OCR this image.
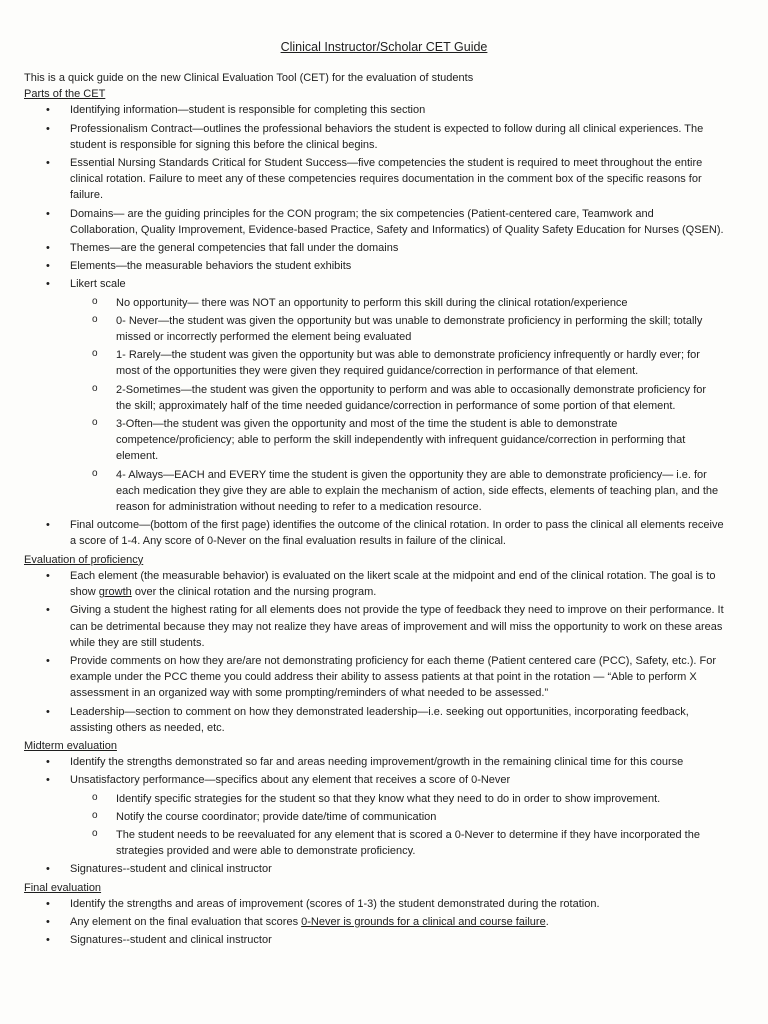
Clinical Instructor/Scholar CET Guide

This is a quick guide on the new Clinical Evaluation Tool (CET) for the evaluation of students

Parts of the CET

• Identifying information—student is responsible for completing this section
• Professionalism Contract—outlines the professional behaviors the student is expected to follow during all clinical experiences. The student is responsible for signing this before the clinical begins.
• Essential Nursing Standards Critical for Student Success—five competencies the student is required to meet throughout the entire clinical rotation. Failure to meet any of these competencies requires documentation in the comment box of the specific reasons for failure.
• Domains— are the guiding principles for the CON program; the six competencies (Patient-centered care, Teamwork and Collaboration, Quality Improvement, Evidence-based Practice, Safety and Informatics) of Quality Safety Education for Nurses (QSEN).
• Themes—are the general competencies that fall under the domains
• Elements—the measurable behaviors the student exhibits
• Likert scale
o No opportunity— there was NOT an opportunity to perform this skill during the clinical rotation/experience
o 0- Never—the student was given the opportunity but was unable to demonstrate proficiency in performing the skill; totally missed or incorrectly performed the element being evaluated
o 1- Rarely—the student was given the opportunity but was able to demonstrate proficiency infrequently or hardly ever; for most of the opportunities they were given they required guidance/correction in performance of that element.
o 2-Sometimes—the student was given the opportunity to perform and was able to occasionally demonstrate proficiency for the skill; approximately half of the time needed guidance/correction in performance of some portion of that element.
o 3-Often—the student was given the opportunity and most of the time the student is able to demonstrate competence/proficiency; able to perform the skill independently with infrequent guidance/correction in performing that element.
o 4- Always—EACH and EVERY time the student is given the opportunity they are able to demonstrate proficiency— i.e. for each medication they give they are able to explain the mechanism of action, side effects, elements of teaching plan, and the reason for administration without needing to refer to a medication resource.
• Final outcome—(bottom of the first page) identifies the outcome of the clinical rotation. In order to pass the clinical all elements receive a score of 1-4. Any score of 0-Never on the final evaluation results in failure of the clinical.

Evaluation of proficiency

• Each element (the measurable behavior) is evaluated on the likert scale at the midpoint and end of the clinical rotation. The goal is to show growth over the clinical rotation and the nursing program.
• Giving a student the highest rating for all elements does not provide the type of feedback they need to improve on their performance. It can be detrimental because they may not realize they have areas of improvement and will miss the opportunity to work on these areas while they are still students.
• Provide comments on how they are/are not demonstrating proficiency for each theme (Patient centered care (PCC), Safety, etc.). For example under the PCC theme you could address their ability to assess patients at that point in the rotation — “Able to perform X assessment in an organized way with some prompting/reminders of what needed to be assessed.”
• Leadership—section to comment on how they demonstrated leadership—i.e. seeking out opportunities, incorporating feedback, assisting others as needed, etc.

Midterm evaluation

• Identify the strengths demonstrated so far and areas needing improvement/growth in the remaining clinical time for this course
• Unsatisfactory performance—specifics about any element that receives a score of 0-Never
o Identify specific strategies for the student so that they know what they need to do in order to show improvement.
o Notify the course coordinator; provide date/time of communication
o The student needs to be reevaluated for any element that is scored a 0-Never to determine if they have incorporated the strategies provided and were able to demonstrate proficiency.
• Signatures--student and clinical instructor

Final evaluation

• Identify the strengths and areas of improvement (scores of 1-3) the student demonstrated during the rotation.
• Any element on the final evaluation that scores 0-Never is grounds for a clinical and course failure.
• Signatures--student and clinical instructor
